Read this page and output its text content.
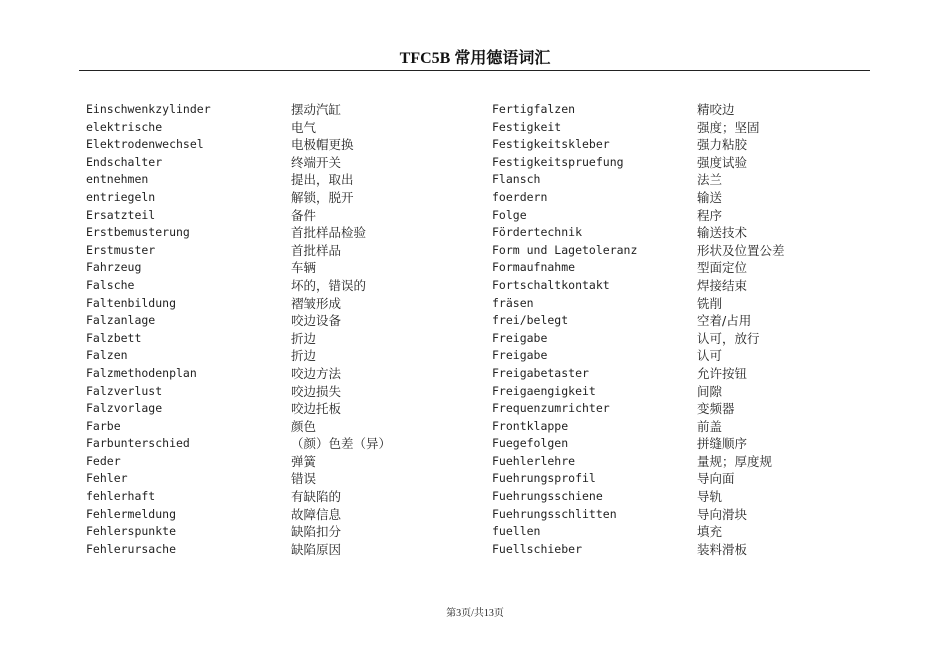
TFC5B 常用德语词汇
Einschwenkzylinder	摆动汽缸
elektrische	电气
Elektrodenwechsel	电极帽更换
Endschalter	终端开关
entnehmen	提出，取出
entriegeln	解锁，脱开
Ersatzteil	备件
Erstbemusterung	首批样品检验
Erstmuster	首批样品
Fahrzeug	车辆
Falsche	坏的，错误的
Faltenbildung	褶皱形成
Falzanlage	咬边设备
Falzbett	折边
Falzen	折边
Falzmethodenplan	咬边方法
Falzverlust	咬边损失
Falzvorlage	咬边托板
Farbe	颜色
Farbunterschied	（颜）色差（异）
Feder	弹簧
Fehler	错误
fehlerhaft	有缺陷的
Fehlermeldung	故障信息
Fehlerspunkte	缺陷扣分
Fehlerursache	缺陷原因
Fertigfalzen	精咬边
Festigkeit	强度；坚固
Festigkeitskleber	强力粘胶
Festigkeitspruefung	强度试验
Flansch	法兰
foerdern	输送
Folge	程序
Fördertechnik	输送技术
Form und Lagetoleranz	形状及位置公差
Formaufnahme	型面定位
Fortschaltkontakt	焊接结束
fräsen	铣削
frei/belegt	空着/占用
Freigabe	认可，放行
Freigabe	认可
Freigabetaster	允许按钮
Freigaengigkeit	间隙
Frequenzumrichter	变频器
Frontklappe	前盖
Fuegefolgen	拼缝顺序
Fuehlerlehre	量规；厚度规
Fuehrungsprofil	导向面
Fuehrungsschiene	导轨
Fuehrungsschlitten	导向滑块
fuellen	填充
Fuellschieber	装料滑板
第3页/共13页
